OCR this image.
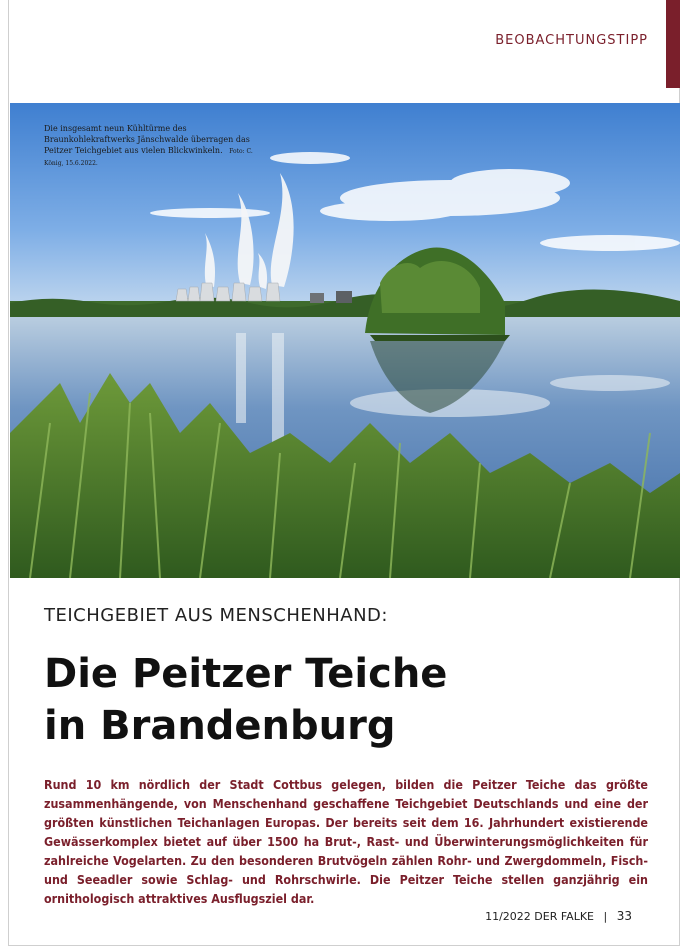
BEOBACHTUNGSTIPP
Die insgesamt neun Kühltürme des Braunkohlekraftwerks Jänschwalde überragen das Peitzer Teichgebiet aus vielen Blickwinkeln. Foto: C. König, 15.6.2022.
TEICHGEBIET AUS MENSCHENHAND:
Die Peitzer Teiche
in Brandenburg

Rund 10 km nördlich der Stadt Cottbus gelegen, bilden die Peitzer Teiche das größte zusammenhängende, von Menschenhand geschaffene Teichgebiet Deutschlands und eine der größten künstlichen Teichanlagen Europas. Der bereits seit dem 16. Jahrhundert existierende Gewässerkomplex bietet auf über 1500 ha Brut-, Rast- und Überwinterungsmöglichkeiten für zahlreiche Vogelarten. Zu den besonderen Brutvögeln zählen Rohr- und Zwergdommeln, Fisch- und Seeadler sowie Schlag- und Rohrschwirle. Die Peitzer Teiche stellen ganzjährig ein ornithologisch attraktives Ausflugsziel dar.

11/2022 DER FALKE | 33
